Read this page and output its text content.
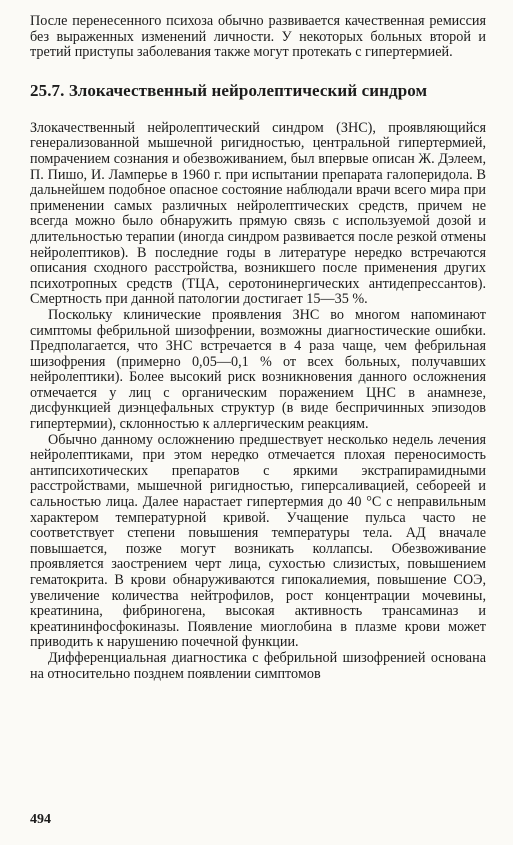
После перенесенного психоза обычно развивается качественная ремиссия без выраженных изменений личности. У некоторых больных второй и третий приступы заболевания также могут протекать с гипертермией.

25.7. Злокачественный нейролептический синдром

Злокачественный нейролептический синдром (ЗНС), проявляющийся генерализованной мышечной ригидностью, центральной гипертермией, помрачением сознания и обезвоживанием, был впервые описан Ж. Дэлеем, П. Пишо, И. Ламперье в 1960 г. при испытании препарата галоперидола. В дальнейшем подобное опасное состояние наблюдали врачи всего мира при применении самых различных нейролептических средств, причем не всегда можно было обнаружить прямую связь с используемой дозой и длительностью терапии (иногда синдром развивается после резкой отмены нейролептиков). В последние годы в литературе нередко встречаются описания сходного расстройства, возникшего после применения других психотропных средств (ТЦА, серотонинергических антидепрессантов). Смертность при данной патологии достигает 15—35 %.

Поскольку клинические проявления ЗНС во многом напоминают симптомы фебрильной шизофрении, возможны диагностические ошибки. Предполагается, что ЗНС встречается в 4 раза чаще, чем фебрильная шизофрения (примерно 0,05—0,1 % от всех больных, получавших нейролептики). Более высокий риск возникновения данного осложнения отмечается у лиц с органическим поражением ЦНС в анамнезе, дисфункцией диэнцефальных структур (в виде беспричинных эпизодов гипертермии), склонностью к аллергическим реакциям.

Обычно данному осложнению предшествует несколько недель лечения нейролептиками, при этом нередко отмечается плохая переносимость антипсихотических препаратов с яркими экстрапирамидными расстройствами, мышечной ригидностью, гиперсаливацией, себореей и сальностью лица. Далее нарастает гипертермия до 40 °С с неправильным характером температурной кривой. Учащение пульса часто не соответствует степени повышения температуры тела. АД вначале повышается, позже могут возникать коллапсы. Обезвоживание проявляется заострением черт лица, сухостью слизистых, повышением гематокрита. В крови обнаруживаются гипокалиемия, повышение СОЭ, увеличение количества нейтрофилов, рост концентрации мочевины, креатинина, фибриногена, высокая активность трансаминаз и креатининфосфокиназы. Появление миоглобина в плазме крови может приводить к нарушению почечной функции.

Дифференциальная диагностика с фебрильной шизофренией основана на относительно позднем появлении симптомов

494
